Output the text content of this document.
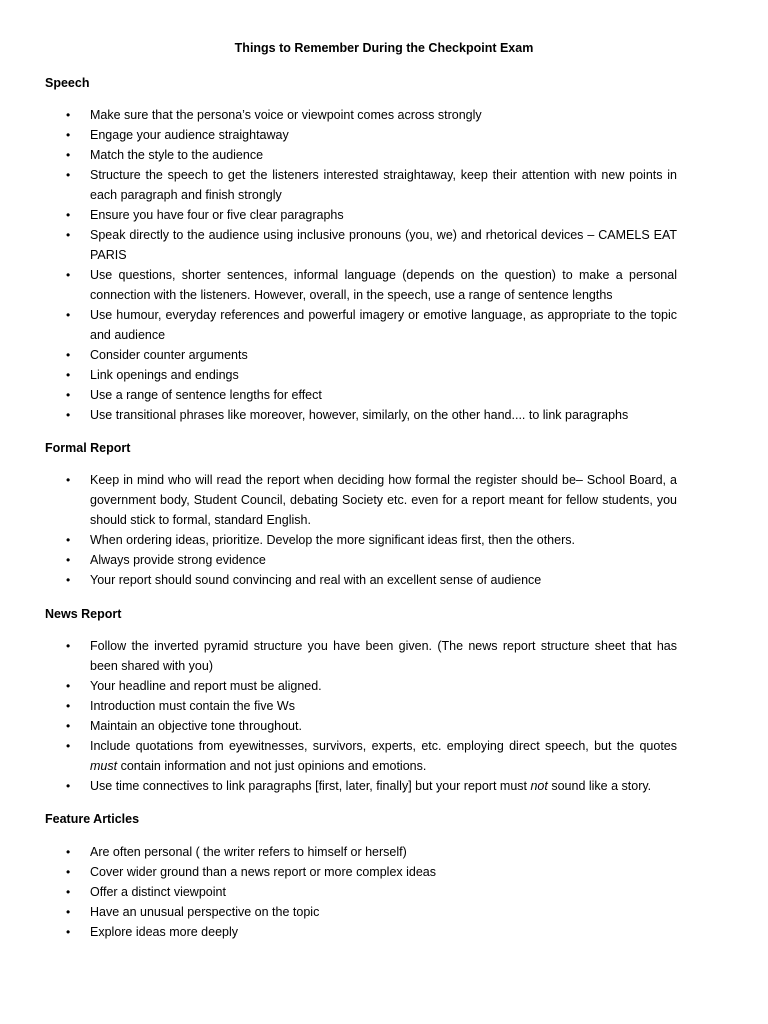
Things to Remember During the Checkpoint Exam
Speech
•	Make sure that the persona’s voice or viewpoint comes across strongly
•	Engage your audience straightaway
•	Match the style to the audience
•	Structure the speech to get the listeners interested straightaway, keep their attention with new points in each paragraph and finish strongly
•	Ensure you have four or five clear paragraphs
•	Speak directly to the audience using inclusive pronouns (you, we) and rhetorical devices – CAMELS EAT PARIS
•	Use questions, shorter sentences, informal language (depends on the question) to make a personal connection with the listeners. However, overall, in the speech, use a range of sentence lengths
•	Use humour, everyday references and powerful imagery or emotive language, as appropriate to the topic and audience
•	Consider counter arguments
•	Link openings and endings
•	Use a range of sentence lengths for effect
•	Use transitional phrases like moreover, however, similarly, on the other hand.... to link paragraphs
Formal Report
•	Keep in mind who will read the report when deciding how formal the register should be– School Board, a government body, Student Council, debating Society etc. even for a report meant for fellow students, you should stick to formal, standard English.
•	When ordering ideas, prioritize. Develop the more significant ideas first, then the others.
•	Always provide strong evidence
•	Your report should sound convincing and real with an excellent sense of audience
News Report
•	Follow the inverted pyramid structure you have been given. (The news report structure sheet that has been shared with you)
•	Your headline and report must be aligned.
•	Introduction must contain the five Ws
•	Maintain an objective tone throughout.
•	Include quotations from eyewitnesses, survivors, experts, etc. employing direct speech, but the quotes must contain information and not just opinions and emotions.
•	Use time connectives to link paragraphs [first, later, finally] but your report must not sound like a story.
Feature Articles
•	Are often personal ( the writer refers to himself or herself)
•	Cover wider ground than a news report or more complex ideas
•	Offer a distinct viewpoint
•	Have an unusual perspective on the topic
•	Explore ideas more deeply
